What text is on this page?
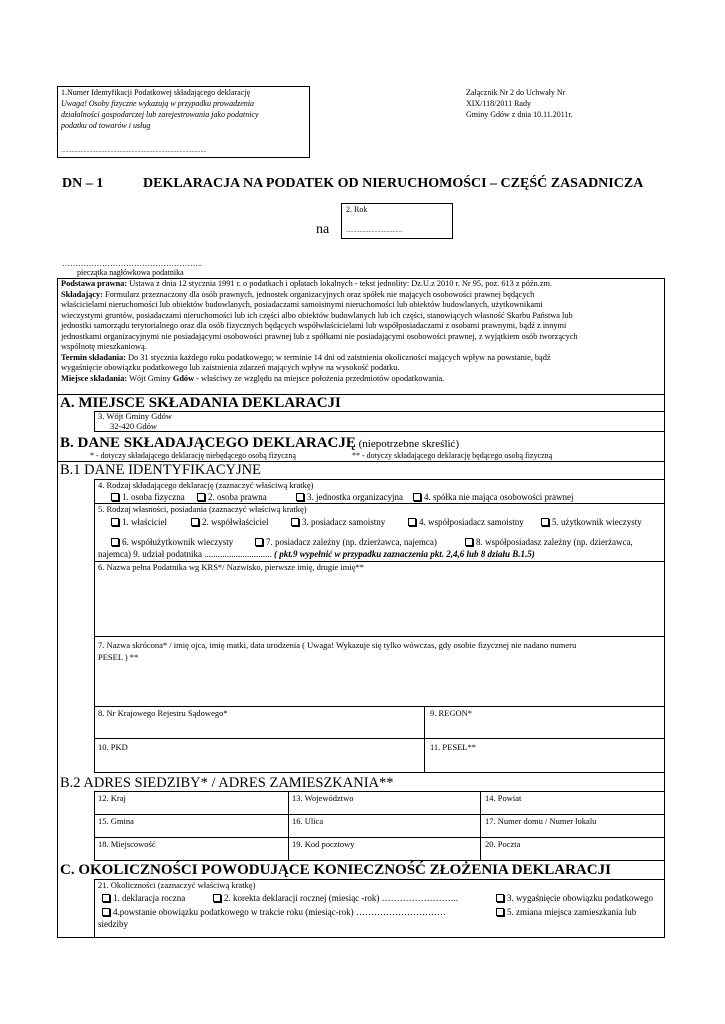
1.Numer Identyfikacji Podatkowej składającego deklarację
Uwaga! Osoby fizyczne wykazują w przypadku prowadzenia
działalności gospodarczej lub zarejestrowania jako podatnicy
podatku od towarów i usług
.................................................................................................
Załącznik Nr 2 do Uchwały Nr
XIX/118/2011 Rady
Gminy Gdów z dnia 10.11.2011r.
DN – 1	DEKLARACJA NA PODATEK OD NIERUCHOMOŚCI – CZĘŚĆ ZASADNICZA
na
2. Rok
......................................
……………………………………………..
pieczątka nagłówkowa podatnika
Podstawa prawna: Ustawa z dnia 12 stycznia 1991 r. o podatkach i opłatach lokalnych - tekst jednolity: Dz.U.z 2010 r. Nr 95, poz. 613 z późn.zm.
Składający: Formularz przeznaczony dla osób prawnych, jednostek organizacyjnych oraz spółek nie mających osobowości prawnej będących
właścicielami nieruchomości lub obiektów budowlanych, posiadaczami samoistnymi nieruchomości lub obiektów budowlanych, użytkownikami
wieczystymi gruntów, posiadaczami nieruchomości lub ich części albo obiektów budowlanych lub ich części, stanowiących własność Skarbu Państwa lub
jednostki samorządu terytorialnego oraz dla osób fizycznych będących współwłaścicielami lub współposiadaczami z osobami prawnymi, bądź z innymi
jednostkami organizacyjnymi nie posiadającymi osobowości prawnej lub z spółkami nie posiadającymi osobowości prawnej, z wyjątkiem osób tworzących
wspólnotę mieszkaniową.
Termin składania: Do 31 stycznia każdego roku podatkowego; w terminie 14 dni od zaistnienia okoliczności mających wpływ na powstanie, bądź
wygaśnięcie obowiązku podatkowego lub zaistnienia zdarzeń mających wpływ na wysokość podatku.
Miejsce składania: Wójt Gminy Gdów - właściwy ze względu na miejsce położenia przedmiotów opodatkowania.
A. MIEJSCE SKŁADANIA DEKLARACJI
3. Wójt Gminy Gdów
32-420 Gdów
B. DANE SKŁADAJĄCEGO DEKLARACJĘ (niepotrzebne skreślić)
* - dotyczy składającego deklarację niebędącego osobą fizyczną	** - dotyczy składającego deklarację będącego osobą fizyczną
B.1 DANE IDENTYFIKACYJNE
4. Rodzaj składającego deklarację (zaznaczyć właściwą kratkę)
1. osoba fizyczna	2. osoba prawna	3. jednostka organizacyjna	4. spółka nie mająca osobowości prawnej
5. Rodzaj własności, posiadania (zaznaczyć właściwą kratkę)
1. właściciel	2. współwłaściciel	3. posiadacz samoistny	4. współposiadacz samoistny	5. użytkownik wieczysty
6. współużytkownik wieczysty	7. posiadacz zależny (np. dzierżawca, najemca)	8. współposiadasz zależny (np. dzierżawca,
najemca) 9. udział podatnika .............................. ( pkt.9 wypełnić w przypadku zaznaczenia pkt. 2,4,6 lub 8 działu B.1.5)
6. Nazwa pełna Podatnika wg KRS*/ Nazwisko, pierwsze imię, drugie imię**
7. Nazwa skrócona* / imię ojca, imię matki, data urodzenia ( Uwaga! Wykazuje się tylko wówczas, gdy osobie fizycznej nie nadano numeru
PESEL ) **
8. Nr Krajowego Rejestru Sądowego*	9. REGON*
10. PKD	11. PESEL**
B.2 ADRES SIEDZIBY* / ADRES ZAMIESZKANIA**
12. Kraj	13. Województwo	14. Powiat
15. Gmina	16. Ulica	17. Numer domu / Numer lokalu
18. Miejscowość	19. Kod pocztowy	20. Poczta
C. OKOLICZNOŚCI POWODUJĄCE KONIECZNOŚĆ ZŁOŻENIA DEKLARACJI
21. Okoliczności (zaznaczyć właściwą kratkę)
1. deklaracja roczna	2. korekta deklaracji rocznej (miesiąc -rok) ……………………..	3. wygaśnięcie obowiązku podatkowego
4.powstanie obowiązku podatkowego w trakcie roku (miesiąc-rok) …………………………	5. zmiana miejsca zamieszkania lub
siedziby
